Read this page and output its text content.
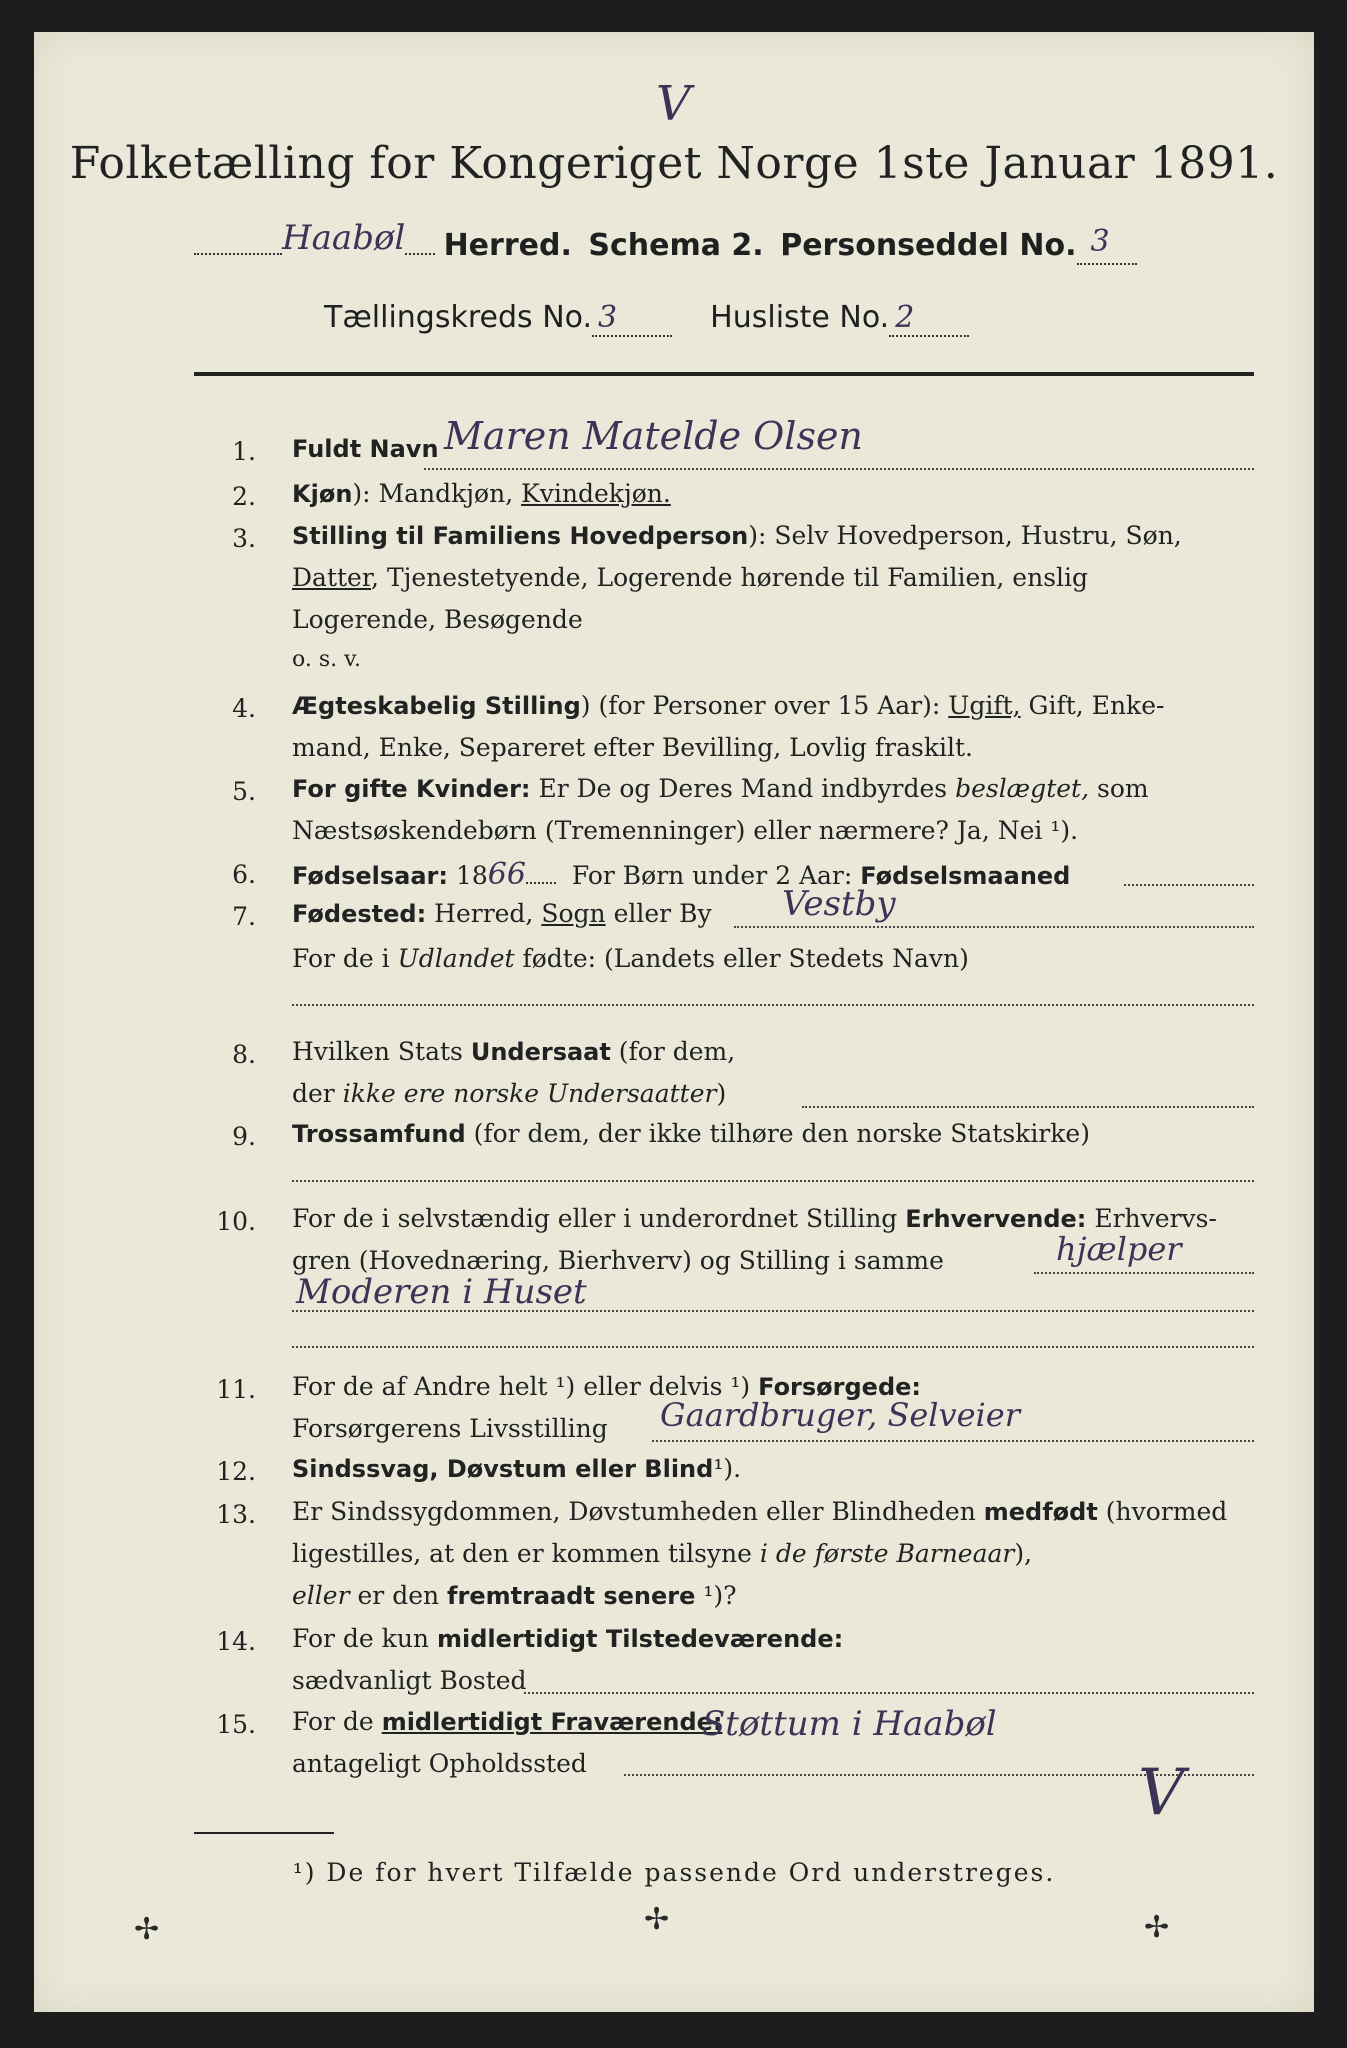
V
Folketælling for Kongeriget Norge 1ste Januar 1891.
Haabøl Herred. Schema 2. Personseddel No. 3
Tællingskreds No. 3	Husliste No. 2
1. Fuldt Navn Maren Matelde Olsen
2. Kjøn): Mandkjøn, Kvindekjøn.
3. Stilling til Familiens Hovedperson): Selv Hovedperson, Hustru, Søn,
Datter, Tjenestetyende, Logerende hørende til Familien, enslig
Logerende, Besøgende
o. s. v.
4. Ægteskabelig Stilling) (for Personer over 15 Aar): Ugift, Gift, Enke-
mand, Enke, Separeret efter Bevilling, Lovlig fraskilt.
5. For gifte Kvinder: Er De og Deres Mand indbyrdes beslægtet, som
Næstsøskendebørn (Tremenninger) eller nærmere? Ja, Nei ¹).
6. Fødselsaar: 1866 For Børn under 2 Aar: Fødselsmaaned
7. Fødested: Herred, Sogn eller By Vestby
For de i Udlandet fødte: (Landets eller Stedets Navn)
8. Hvilken Stats Undersaat (for dem,
der ikke ere norske Undersaatter)
9. Trossamfund (for dem, der ikke tilhøre den norske Statskirke)
10. For de i selvstændig eller i underordnet Stilling Erhvervende: Erhvervs-
gren (Hovednæring, Bierhverv) og Stilling i samme	hjælper
Moderen i Huset
11. For de af Andre helt ¹) eller delvis ¹) Forsørgede:
Forsørgerens Livsstilling Gaardbruger, Selveier
12. Sindssvag, Døvstum eller Blind¹).
13. Er Sindssygdommen, Døvstumheden eller Blindheden medfødt (hvormed
ligestilles, at den er kommen tilsyne i de første Barneaar),
eller er den fremtraadt senere ¹)?
14. For de kun midlertidigt Tilstedeværende:
sædvanligt Bosted
15. For de midlertidigt Fraværende:
antageligt Opholdssted
Støttum i Haabøl
V
¹) De for hvert Tilfælde passende Ord understreges.
✢	✢	✢
